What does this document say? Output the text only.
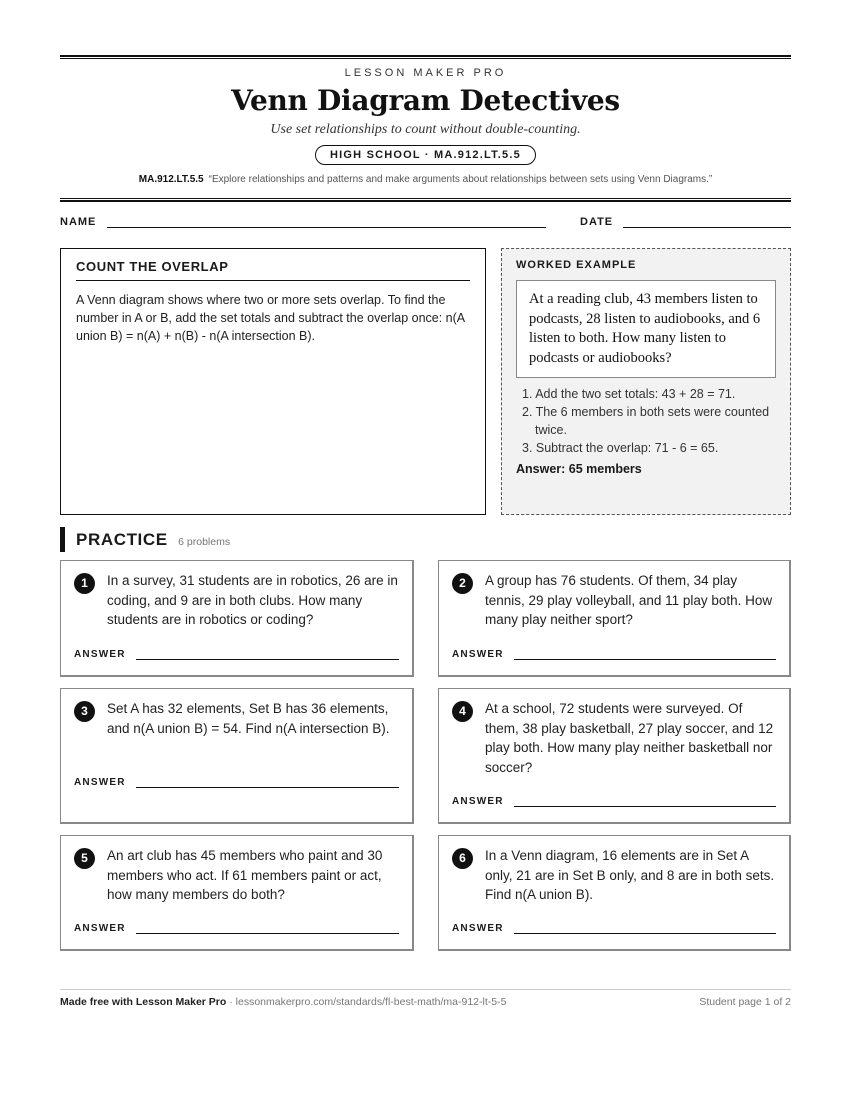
LESSON MAKER PRO
Venn Diagram Detectives
Use set relationships to count without double-counting.
HIGH SCHOOL · MA.912.LT.5.5
MA.912.LT.5.5 “Explore relationships and patterns and make arguments about relationships between sets using Venn Diagrams.”
NAME	DATE
COUNT THE OVERLAP
A Venn diagram shows where two or more sets overlap. To find the number in A or B, add the set totals and subtract the overlap once: n(A union B) = n(A) + n(B) - n(A intersection B).
WORKED EXAMPLE
At a reading club, 43 members listen to podcasts, 28 listen to audiobooks, and 6 listen to both. How many listen to podcasts or audiobooks?
1. Add the two set totals: 43 + 28 = 71.
2. The 6 members in both sets were counted twice.
3. Subtract the overlap: 71 - 6 = 65.
Answer: 65 members
PRACTICE 6 problems
1	In a survey, 31 students are in robotics, 26 are in coding, and 9 are in both clubs. How many students are in robotics or coding?
ANSWER
2	A group has 76 students. Of them, 34 play tennis, 29 play volleyball, and 11 play both. How many play neither sport?
ANSWER
3	Set A has 32 elements, Set B has 36 elements, and n(A union B) = 54. Find n(A intersection B).
ANSWER
4	At a school, 72 students were surveyed. Of them, 38 play basketball, 27 play soccer, and 12 play both. How many play neither basketball nor soccer?
ANSWER
5	An art club has 45 members who paint and 30 members who act. If 61 members paint or act, how many members do both?
ANSWER
6	In a Venn diagram, 16 elements are in Set A only, 21 are in Set B only, and 8 are in both sets. Find n(A union B).
ANSWER
Made free with Lesson Maker Pro · lessonmakerpro.com/standards/fl-best-math/ma-912-lt-5-5	Student page 1 of 2
